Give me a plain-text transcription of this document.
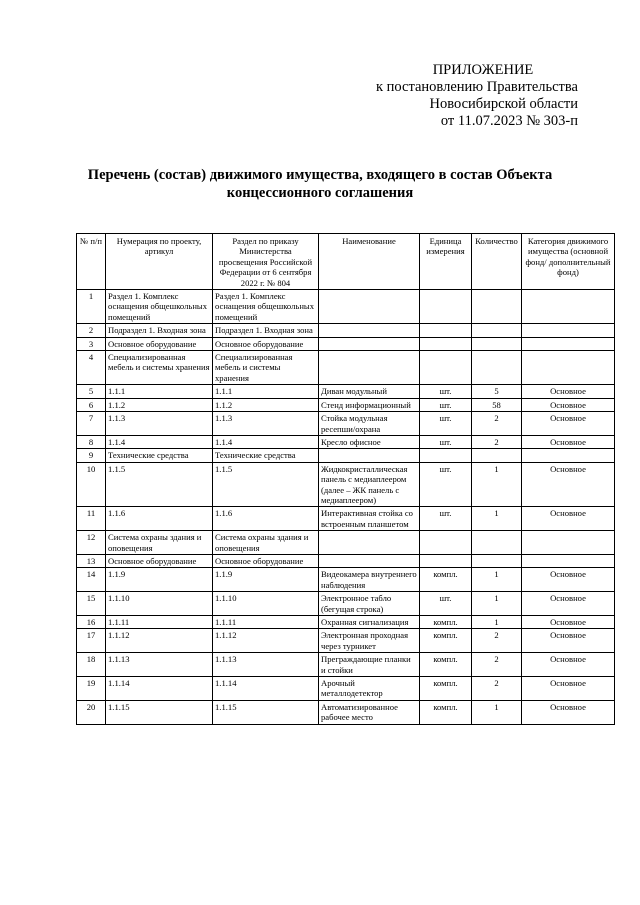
ПРИЛОЖЕНИЕ
к постановлению Правительства
Новосибирской области
от 11.07.2023 № 303-п
Перечень (состав) движимого имущества, входящего в состав Объекта
концессионного соглашения
№ п/п	Нумерация по проекту, артикул	Раздел по приказу Министерства просвещения Российской Федерации от 6 сентября 2022 г. № 804	Наименование	Единица измерения	Количество	Категория движимого имущества (основной фонд/ дополнительный фонд)
1	Раздел 1. Комплекс оснащения общешкольных помещений	Раздел 1. Комплекс оснащения общешкольных помещений				
2	Подраздел 1. Входная зона	Подраздел 1. Входная зона				
3	Основное оборудование	Основное оборудование				
4	Специализированная мебель и системы хранения	Специализированная мебель и системы хранения				
5	1.1.1	1.1.1	Диван модульный	шт.	5	Основное
6	1.1.2	1.1.2	Стенд информационный	шт.	58	Основное
7	1.1.3	1.1.3	Стойка модульная ресепши/охрана	шт.	2	Основное
8	1.1.4	1.1.4	Кресло офисное	шт.	2	Основное
9	Технические средства	Технические средства				
10	1.1.5	1.1.5	Жидкокристаллическая панель с медиаплеером (далее – ЖК панель с медиаплеером)	шт.	1	Основное
11	1.1.6	1.1.6	Интерактивная стойка со встроенным планшетом	шт.	1	Основное
12	Система охраны здания и оповещения	Система охраны здания и оповещения				
13	Основное оборудование	Основное оборудование				
14	1.1.9	1.1.9	Видеокамера внутреннего наблюдения	компл.	1	Основное
15	1.1.10	1.1.10	Электронное табло (бегущая строка)	шт.	1	Основное
16	1.1.11	1.1.11	Охранная сигнализация	компл.	1	Основное
17	1.1.12	1.1.12	Электронная проходная через турникет	компл.	2	Основное
18	1.1.13	1.1.13	Преграждающие планки и стойки	компл.	2	Основное
19	1.1.14	1.1.14	Арочный металлодетектор	компл.	2	Основное
20	1.1.15	1.1.15	Автоматизированное рабочее место	компл.	1	Основное
